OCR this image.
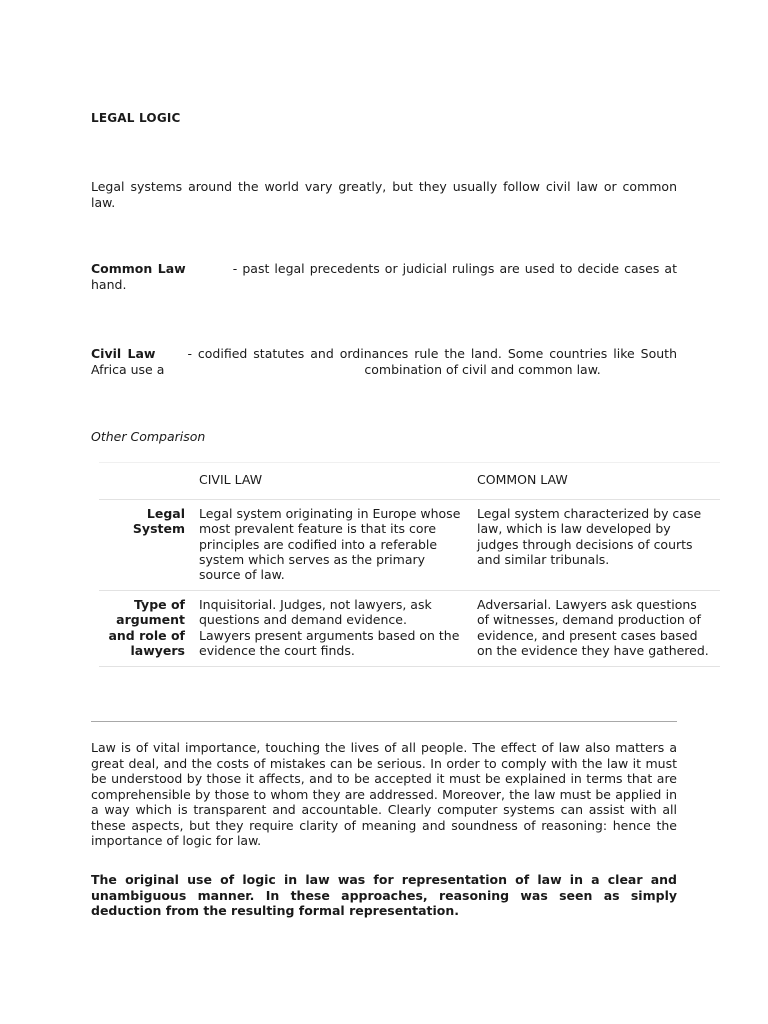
LEGAL LOGIC

Legal systems around the world vary greatly, but they usually follow civil law or common law.

Common Law	- past legal precedents or judicial rulings are used to decide cases at hand.

Civil Law	- codified statutes and ordinances rule the land. Some countries like South Africa use a	combination of civil and common law.

Other Comparison
	CIVIL LAW	COMMON LAW
Legal System	Legal system originating in Europe whose most prevalent feature is that its core principles are codified into a referable system which serves as the primary source of law.	Legal system characterized by case law, which is law developed by judges through decisions of courts and similar tribunals.
Type of argument and role of lawyers	Inquisitorial. Judges, not lawyers, ask questions and demand evidence. Lawyers present arguments based on the evidence the court finds.	Adversarial. Lawyers ask questions of witnesses, demand production of evidence, and present cases based on the evidence they have gathered.

Law is of vital importance, touching the lives of all people. The effect of law also matters a great deal, and the costs of mistakes can be serious. In order to comply with the law it must be understood by those it affects, and to be accepted it must be explained in terms that are comprehensible by those to whom they are addressed. Moreover, the law must be applied in a way which is transparent and accountable. Clearly computer systems can assist with all these aspects, but they require clarity of meaning and soundness of reasoning: hence the importance of logic for law.

The original use of logic in law was for representation of law in a clear and unambiguous manner. In these approaches, reasoning was seen as simply deduction from the resulting formal representation.
